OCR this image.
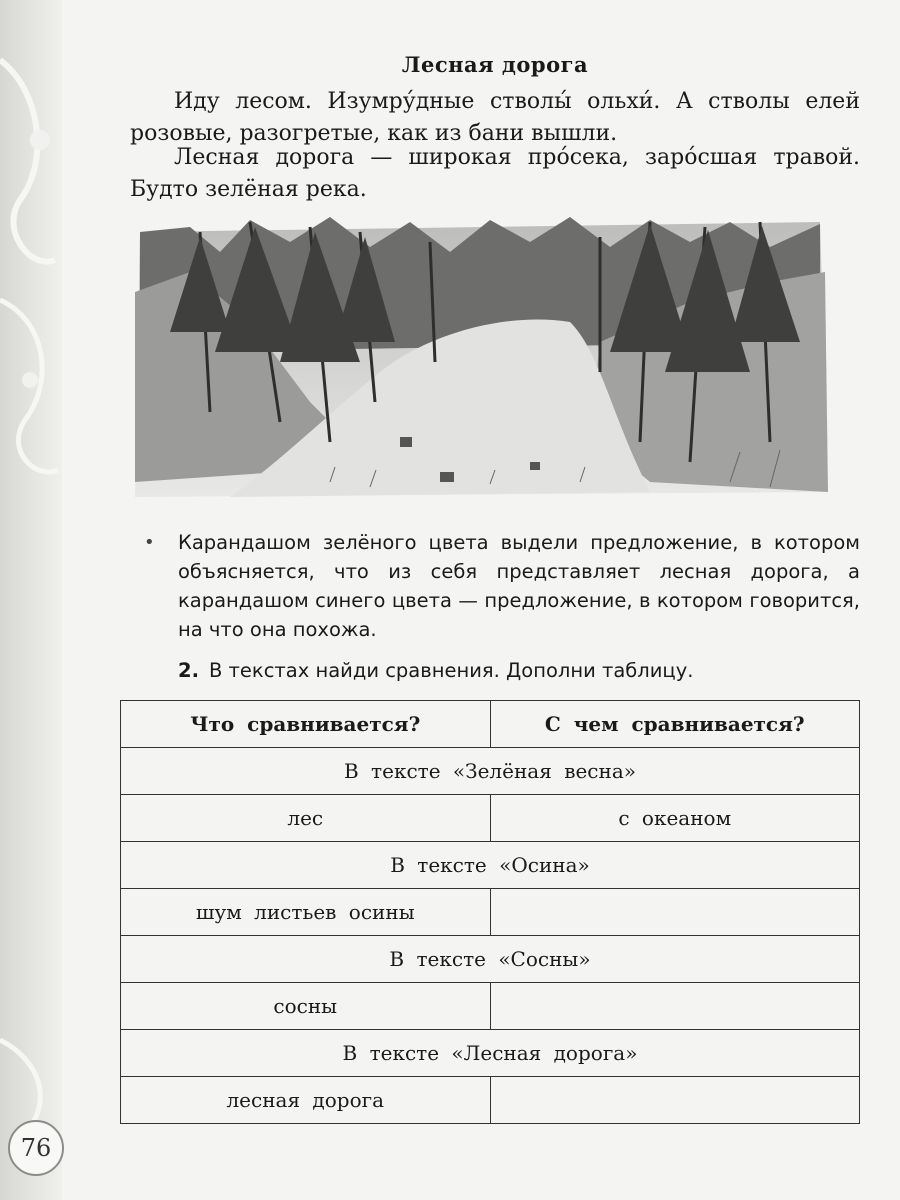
76
Лесная дорога
Иду лесом. Изумру́дные стволы́ ольхи́. А стволы елей розовые, разогретые, как из бани вышли.
Лесная дорога — широкая про́сека, заро́сшая травой. Будто зелёная река.
•	Карандашом зелёного цвета выдели предложение, в котором объясняется, что из себя представляет лесная дорога, а карандашом синего цвета — предложение, в котором говорится, на что она похожа.
2. В текстах найди сравнения. Дополни таблицу.
Что сравнивается?	С чем сравнивается?
В тексте «Зелёная весна»	
лес	с океаном
В тексте «Осина»	
шум листьев осины	
В тексте «Сосны»	
сосны	
В тексте «Лесная дорога»	
лесная дорога	
